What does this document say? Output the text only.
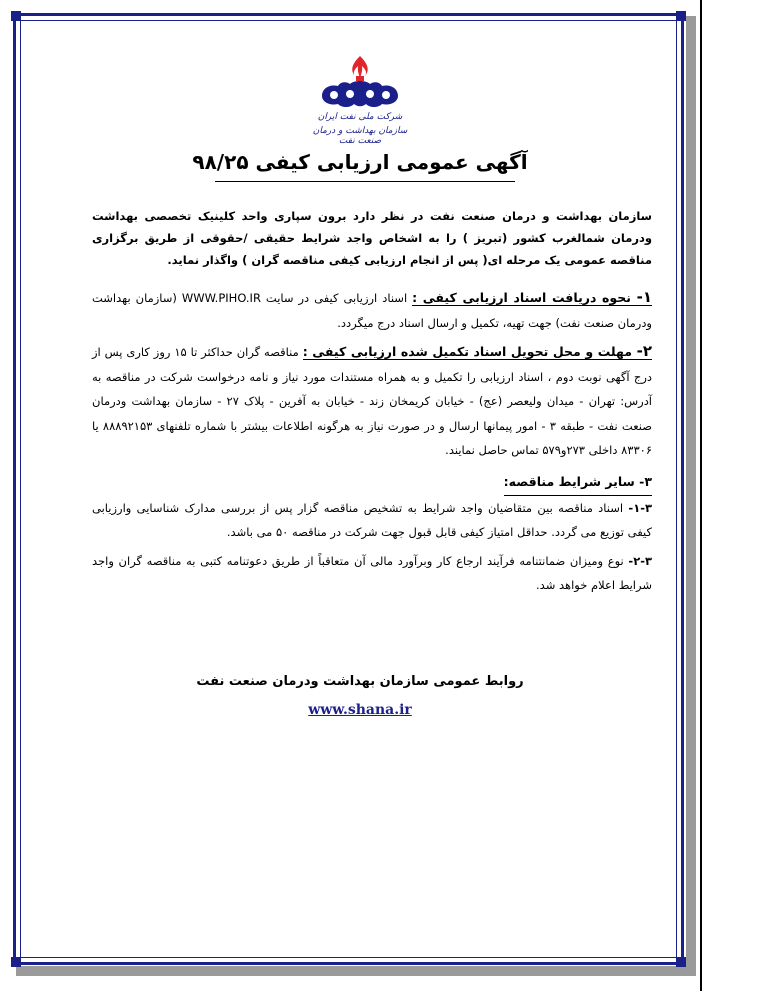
شرکت ملی نفت ایران
سازمان بهداشت و درمان صنعت نفت
آگهی عمومی ارزیابی کیفی ۹۸/۲۵

سازمان بهداشت و درمان صنعت نفت در نظر دارد برون سپاری واحد کلینیک تخصصی بهداشت ودرمان شمالغرب کشور (تبریز ) را به اشخاص واجد شرایط حقیقی /حقوقی از طریق برگزاری مناقصه عمومی یک مرحله ای( پس از انجام ارزیابی کیفی مناقصه گران ) واگذار نماید.

۱- نحوه دریافت اسناد ارزیابی کیفی : اسناد ارزیابی کیفی در سایت WWW.PIHO.IR (سازمان بهداشت ودرمان صنعت نفت) جهت تهیه، تکمیل و ارسال اسناد درج میگردد.

۲- مهلت و محل تحویل اسناد تکمیل شده ارزیابی کیفی : مناقصه گران حداکثر تا ۱۵ روز کاری پس از درج آگهی نوبت دوم ، اسناد ارزیابی را تکمیل و به همراه مستندات مورد نیاز و نامه درخواست شرکت در مناقصه به آدرس: تهران - میدان ولیعصر (عج) - خیابان کریمخان زند - خیابان به آفرین - پلاک ۲۷ - سازمان بهداشت ودرمان صنعت نفت - طبقه ۳ - امور پیمانها ارسال و در صورت نیاز به هرگونه اطلاعات بیشتر با شماره تلفنهای ۸۸۸۹۲۱۵۳ یا ۸۳۳۰۶ داخلی ۲۷۳و۵۷۹ تماس حاصل نمایند.

۳- سایر شرایط مناقصه:

۱-۳- اسناد مناقصه بین متقاضیان واجد شرایط به تشخیص مناقصه گزار پس از بررسی مدارک شناسایی وارزیابی کیفی توزیع می گردد. حداقل امتیاز کیفی قابل قبول جهت شرکت در مناقصه ۵۰ می باشد.

۲-۳- نوع ومیزان ضمانتنامه فرآیند ارجاع کار وبرآورد مالی آن متعاقباً از طریق دعوتنامه کتبی به مناقصه گران واجد شرایط اعلام خواهد شد.

روابط عمومی سازمان بهداشت ودرمان صنعت نفت
www.shana.ir
